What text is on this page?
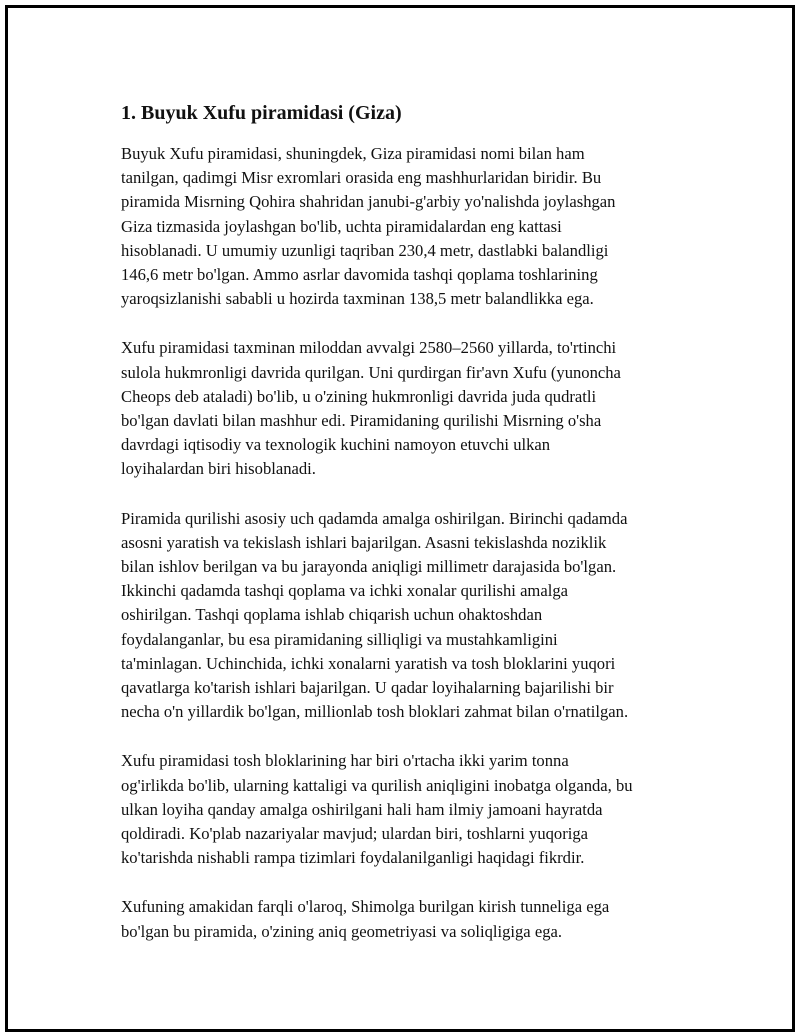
1. Buyuk Xufu piramidasi (Giza)

Buyuk Xufu piramidasi, shuningdek, Giza piramidasi nomi bilan ham
tanilgan, qadimgi Misr exromlari orasida eng mashhurlaridan biridir. Bu
piramida Misrning Qohira shahridan janubi-g'arbiy yo'nalishda joylashgan
Giza tizmasida joylashgan bo'lib, uchta piramidalardan eng kattasi
hisoblanadi. U umumiy uzunligi taqriban 230,4 metr, dastlabki balandligi
146,6 metr bo'lgan. Ammo asrlar davomida tashqi qoplama toshlarining
yaroqsizlanishi sababli u hozirda taxminan 138,5 metr balandlikka ega.

Xufu piramidasi taxminan miloddan avvalgi 2580–2560 yillarda, to'rtinchi
sulola hukmronligi davrida qurilgan. Uni qurdirgan fir'avn Xufu (yunoncha
Cheops deb ataladi) bo'lib, u o'zining hukmronligi davrida juda qudratli
bo'lgan davlati bilan mashhur edi. Piramidaning qurilishi Misrning o'sha
davrdagi iqtisodiy va texnologik kuchini namoyon etuvchi ulkan
loyihalardan biri hisoblanadi.

Piramida qurilishi asosiy uch qadamda amalga oshirilgan. Birinchi qadamda
asosni yaratish va tekislash ishlari bajarilgan. Asasni tekislashda noziklik
bilan ishlov berilgan va bu jarayonda aniqligi millimetr darajasida bo'lgan.
Ikkinchi qadamda tashqi qoplama va ichki xonalar qurilishi amalga
oshirilgan. Tashqi qoplama ishlab chiqarish uchun ohaktoshdan
foydalanganlar, bu esa piramidaning silliqligi va mustahkamligini
ta'minlagan. Uchinchida, ichki xonalarni yaratish va tosh bloklarini yuqori
qavatlarga ko'tarish ishlari bajarilgan. U qadar loyihalarning bajarilishi bir
necha o'n yillardik bo'lgan, millionlab tosh bloklari zahmat bilan o'rnatilgan.

Xufu piramidasi tosh bloklarining har biri o'rtacha ikki yarim tonna
og'irlikda bo'lib, ularning kattaligi va qurilish aniqligini inobatga olganda, bu
ulkan loyiha qanday amalga oshirilgani hali ham ilmiy jamoani hayratda
qoldiradi. Ko'plab nazariyalar mavjud; ulardan biri, toshlarni yuqoriga
ko'tarishda nishabli rampa tizimlari foydalanilganligi haqidagi fikrdir.

Xufuning amakidan farqli o'laroq, Shimolga burilgan kirish tunneliga ega
bo'lgan bu piramida, o'zining aniq geometriyasi va soliqligiga ega.
